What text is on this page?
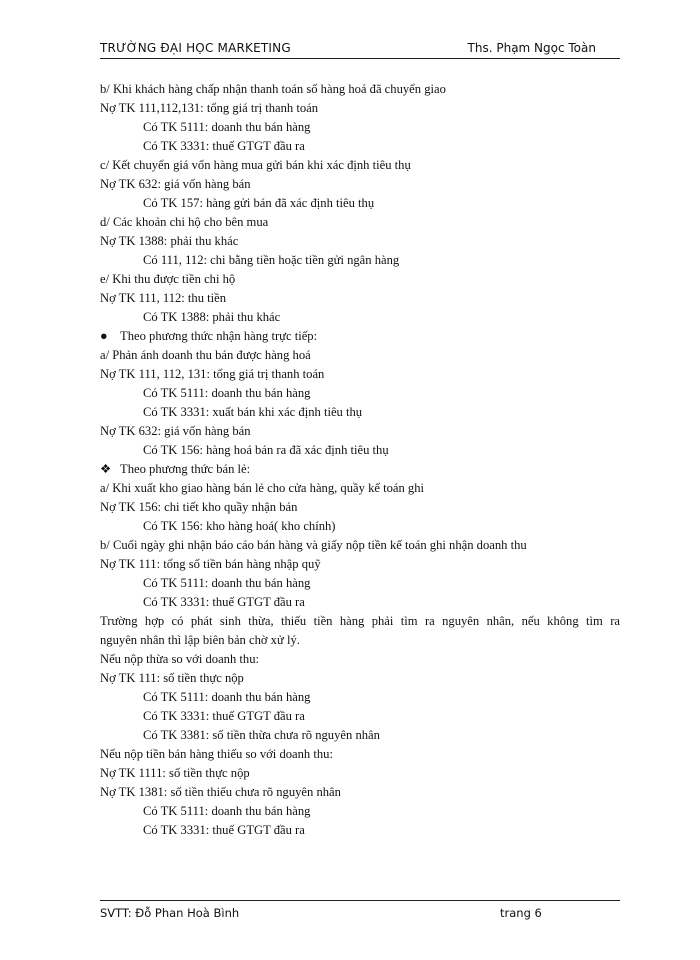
TRƯỜNG ĐẠI HỌC MARKETING	Ths. Phạm Ngọc Toàn
b/ Khi khách hàng chấp nhận thanh toán số hàng hoá đã chuyển giao
Nợ TK 111,112,131: tổng giá trị thanh toán
Có TK 5111: doanh thu bán hàng
Có TK 3331: thuế GTGT đầu ra
c/ Kết chuyển giá vốn hàng mua gửi bán khi xác định tiêu thụ
Nợ TK 632: giá vốn hàng bán
Có TK 157: hàng gửi bán đã xác định tiêu thụ
d/ Các khoản chi hộ cho bên mua
Nợ TK 1388: phải thu khác
Có 111, 112: chi bằng tiền hoặc tiền gửi ngân hàng
e/ Khi thu được tiền chi hộ
Nợ TK 111, 112: thu tiền
Có TK 1388: phải thu khác
● Theo phương thức nhận hàng trực tiếp:
a/ Phản ánh doanh thu bán được hàng hoá
Nợ TK 111, 112, 131: tổng giá trị thanh toán
Có TK 5111: doanh thu bán hàng
Có TK 3331: xuất bán khi xác định tiêu thụ
Nợ TK 632: giá vốn hàng bán
Có TK 156: hàng hoá bán ra đã xác định tiêu thụ
❖ Theo phương thức bán lẻ:
a/ Khi xuất kho giao hàng bán lẻ cho cửa hàng, quầy kế toán ghi
Nợ TK 156: chi tiết kho quầy nhận bán
Có TK 156: kho hàng hoá( kho chính)
b/ Cuối ngày ghi nhận báo cáo bán hàng và giấy nộp tiền kế toán ghi nhận doanh thu
Nợ TK 111: tổng số tiền bán hàng nhập quỹ
Có TK 5111: doanh thu bán hàng
Có TK 3331: thuế GTGT đầu ra
Trường hợp có phát sinh thừa, thiếu tiền hàng phải tìm ra nguyên nhân, nếu không tìm ra
nguyên nhân thì lập biên bản chờ xử lý.
Nếu nộp thừa so với doanh thu:
Nợ TK 111: số tiền thực nộp
Có TK 5111: doanh thu bán hàng
Có TK 3331: thuế GTGT đầu ra
Có TK 3381: số tiền thừa chưa rõ nguyên nhân
Nếu nộp tiền bán hàng thiếu so với doanh thu:
Nợ TK 1111: số tiền thực nộp
Nợ TK 1381: số tiền thiếu chưa rõ nguyên nhân
Có TK 5111: doanh thu bán hàng
Có TK 3331: thuế GTGT đầu ra
SVTT: Đỗ Phan Hoà Bình	trang 6
